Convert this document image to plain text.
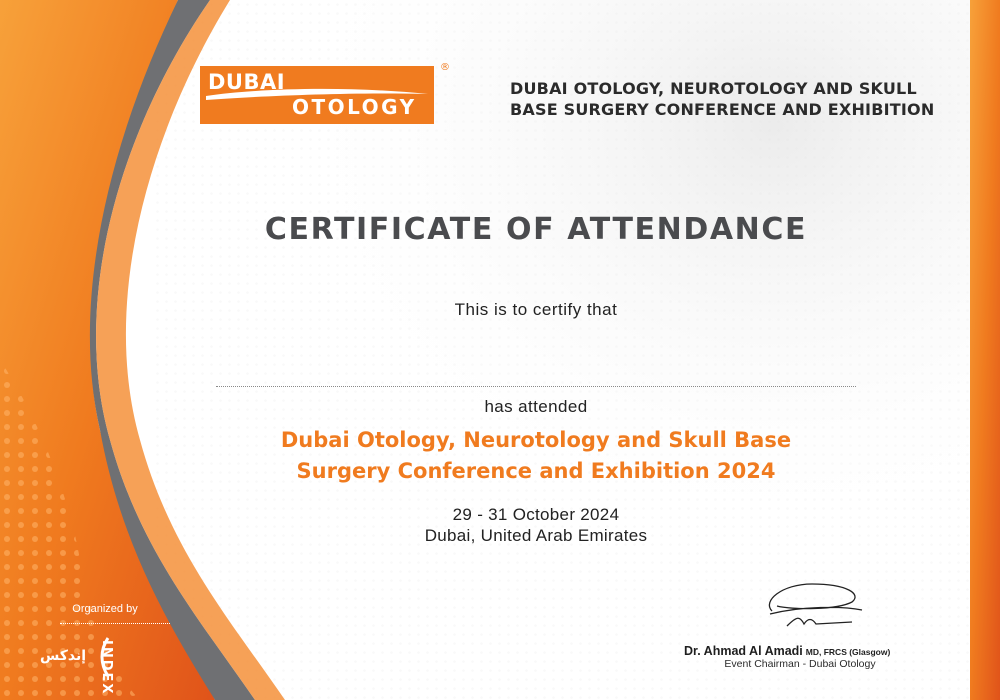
DUBAI
OTOLOGY
®
DUBAI OTOLOGY, NEUROTOLOGY AND SKULL BASE SURGERY CONFERENCE AND EXHIBITION
CERTIFICATE OF ATTENDANCE
This is to certify that
has attended
Dubai Otology, Neurotology and Skull Base
Surgery Conference and Exhibition 2024
29 - 31 October 2024
Dubai, United Arab Emirates
Dr. Ahmad Al Amadi MD, FRCS (Glasgow)
Event Chairman - Dubai Otology
Organized by
إندكس INDEX
